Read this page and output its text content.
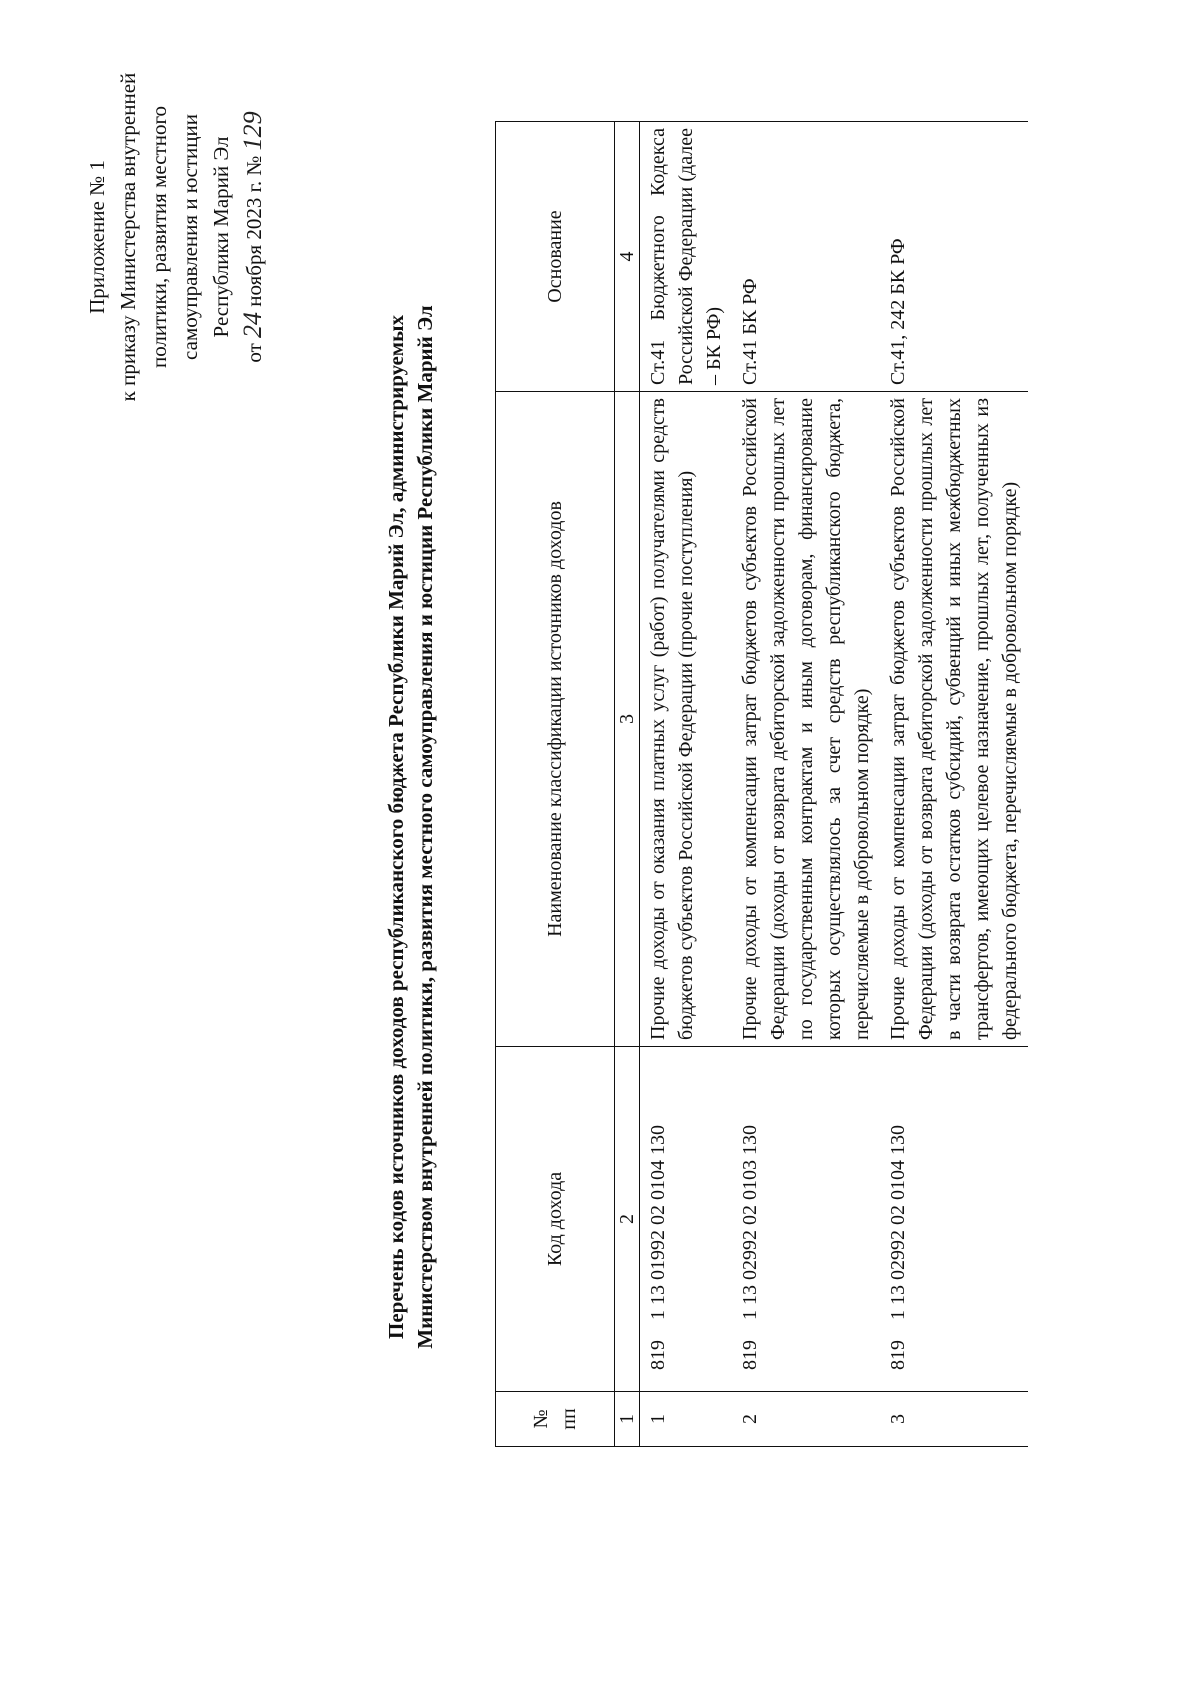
Приложение № 1 к приказу Министерства внутренней политики, развития местного самоуправления и юстиции Республики Марий Эл
от 24 ноября 2023 г. № 129
Перечень кодов источников доходов республиканского бюджета Республики Марий Эл, администрируемых Министерством внутренней политики, развития местного самоуправления и юстиции Республики Марий Эл
№ пп	Код дохода	Наименование классификации источников доходов	Основание
1	2	3	4
1	819 1 13 01992 02 0104 130	Прочие доходы от оказания платных услуг (работ) получателями средств бюджетов субъектов Российской Федерации (прочие поступления)	Ст.41 Бюджетного Кодекса Российской Федерации (далее – БК РФ)
2	819 1 13 02992 02 0103 130	Прочие доходы от компенсации затрат бюджетов субъектов Российской Федерации (доходы от возврата дебиторской задолженности прошлых лет по государственным контрактам и иным договорам, финансирование которых осуществлялось за счет средств республиканского бюджета, перечисляемые в добровольном порядке)	Ст.41 БК РФ
3	819 1 13 02992 02 0104 130	Прочие доходы от компенсации затрат бюджетов субъектов Российской Федерации (доходы от возврата дебиторской задолженности прошлых лет в части возврата остатков субсидий, субвенций и иных межбюджетных трансфертов, имеющих целевое назначение, прошлых лет, полученных из федерального бюджета, перечисляемые в добровольном порядке)	Ст.41, 242 БК РФ
